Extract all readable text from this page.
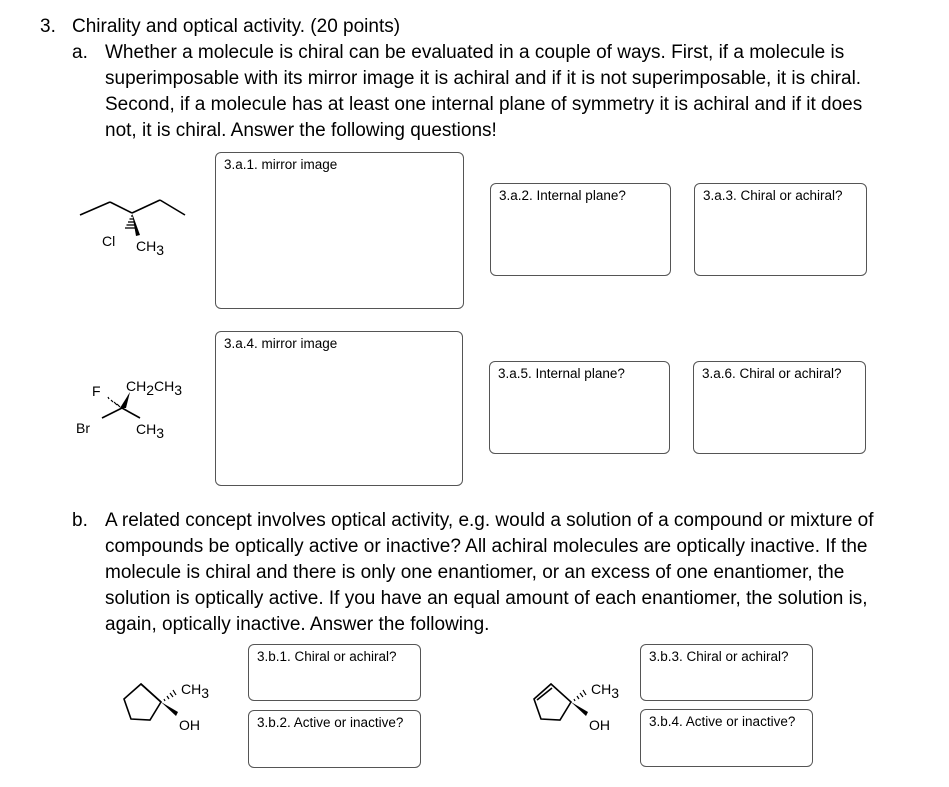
3. Chirality and optical activity. (20 points)
a. Whether a molecule is chiral can be evaluated in a couple of ways. First, if a molecule is
superimposable with its mirror image it is achiral and if it is not superimposable, it is chiral.
Second, if a molecule has at least one internal plane of symmetry it is achiral and if it does
not, it is chiral. Answer the following questions!
Cl CH3
3.a.1. mirror image
3.a.2. Internal plane?	3.a.3. Chiral or achiral?
F CH2CH3
Br	CH3
3.a.4. mirror image
3.a.5. Internal plane?	3.a.6. Chiral or achiral?
b. A related concept involves optical activity, e.g. would a solution of a compound or mixture of
compounds be optically active or inactive? All achiral molecules are optically inactive. If the
molecule is chiral and there is only one enantiomer, or an excess of one enantiomer, the
solution is optically active. If you have an equal amount of each enantiomer, the solution is,
again, optically inactive. Answer the following.
CH3
OH
3.b.1. Chiral or achiral?
3.b.2. Active or inactive?
CH3
OH
3.b.3. Chiral or achiral?
3.b.4. Active or inactive?
